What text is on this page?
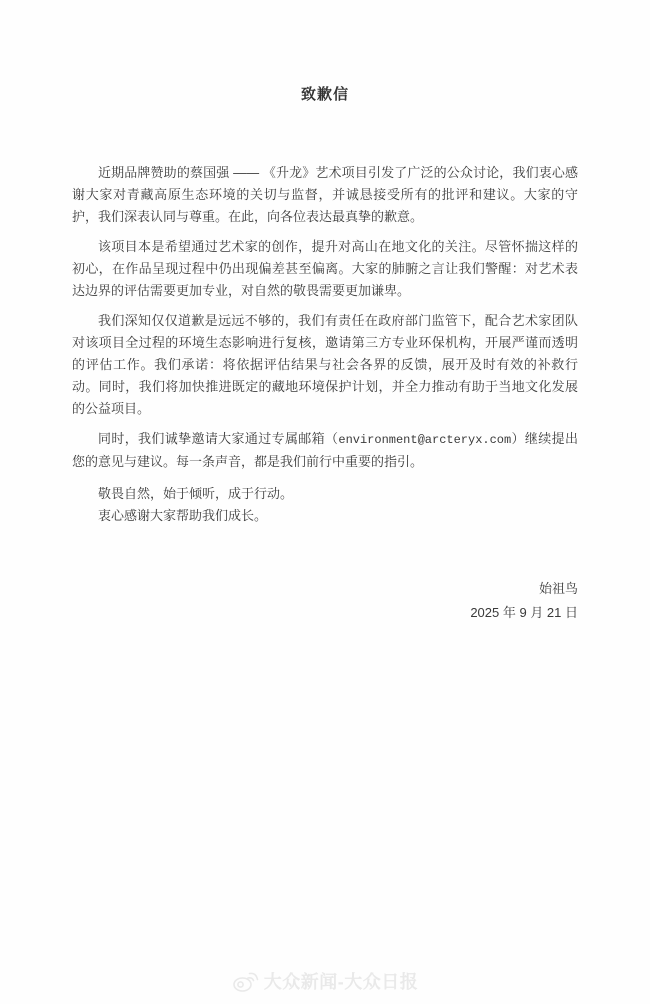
致歉信

近期品牌赞助的蔡国强 —— 《升龙》艺术项目引发了广泛的公众讨论，我们衷心感谢大家对青藏高原生态环境的关切与监督，并诚恳接受所有的批评和建议。大家的守护，我们深表认同与尊重。在此，向各位表达最真挚的歉意。

该项目本是希望通过艺术家的创作，提升对高山在地文化的关注。尽管怀揣这样的初心，在作品呈现过程中仍出现偏差甚至偏离。大家的肺腑之言让我们警醒：对艺术表达边界的评估需要更加专业，对自然的敬畏需要更加谦卑。

我们深知仅仅道歉是远远不够的，我们有责任在政府部门监管下，配合艺术家团队对该项目全过程的环境生态影响进行复核，邀请第三方专业环保机构，开展严谨而透明的评估工作。我们承诺：将依据评估结果与社会各界的反馈，展开及时有效的补救行动。同时，我们将加快推进既定的藏地环境保护计划，并全力推动有助于当地文化发展的公益项目。

同时，我们诚挚邀请大家通过专属邮箱（environment@arcteryx.com）继续提出您的意见与建议。每一条声音，都是我们前行中重要的指引。

敬畏自然，始于倾听，成于行动。
衷心感谢大家帮助我们成长。
始祖鸟
2025 年 9 月 21 日
大众新闻-大众日报
